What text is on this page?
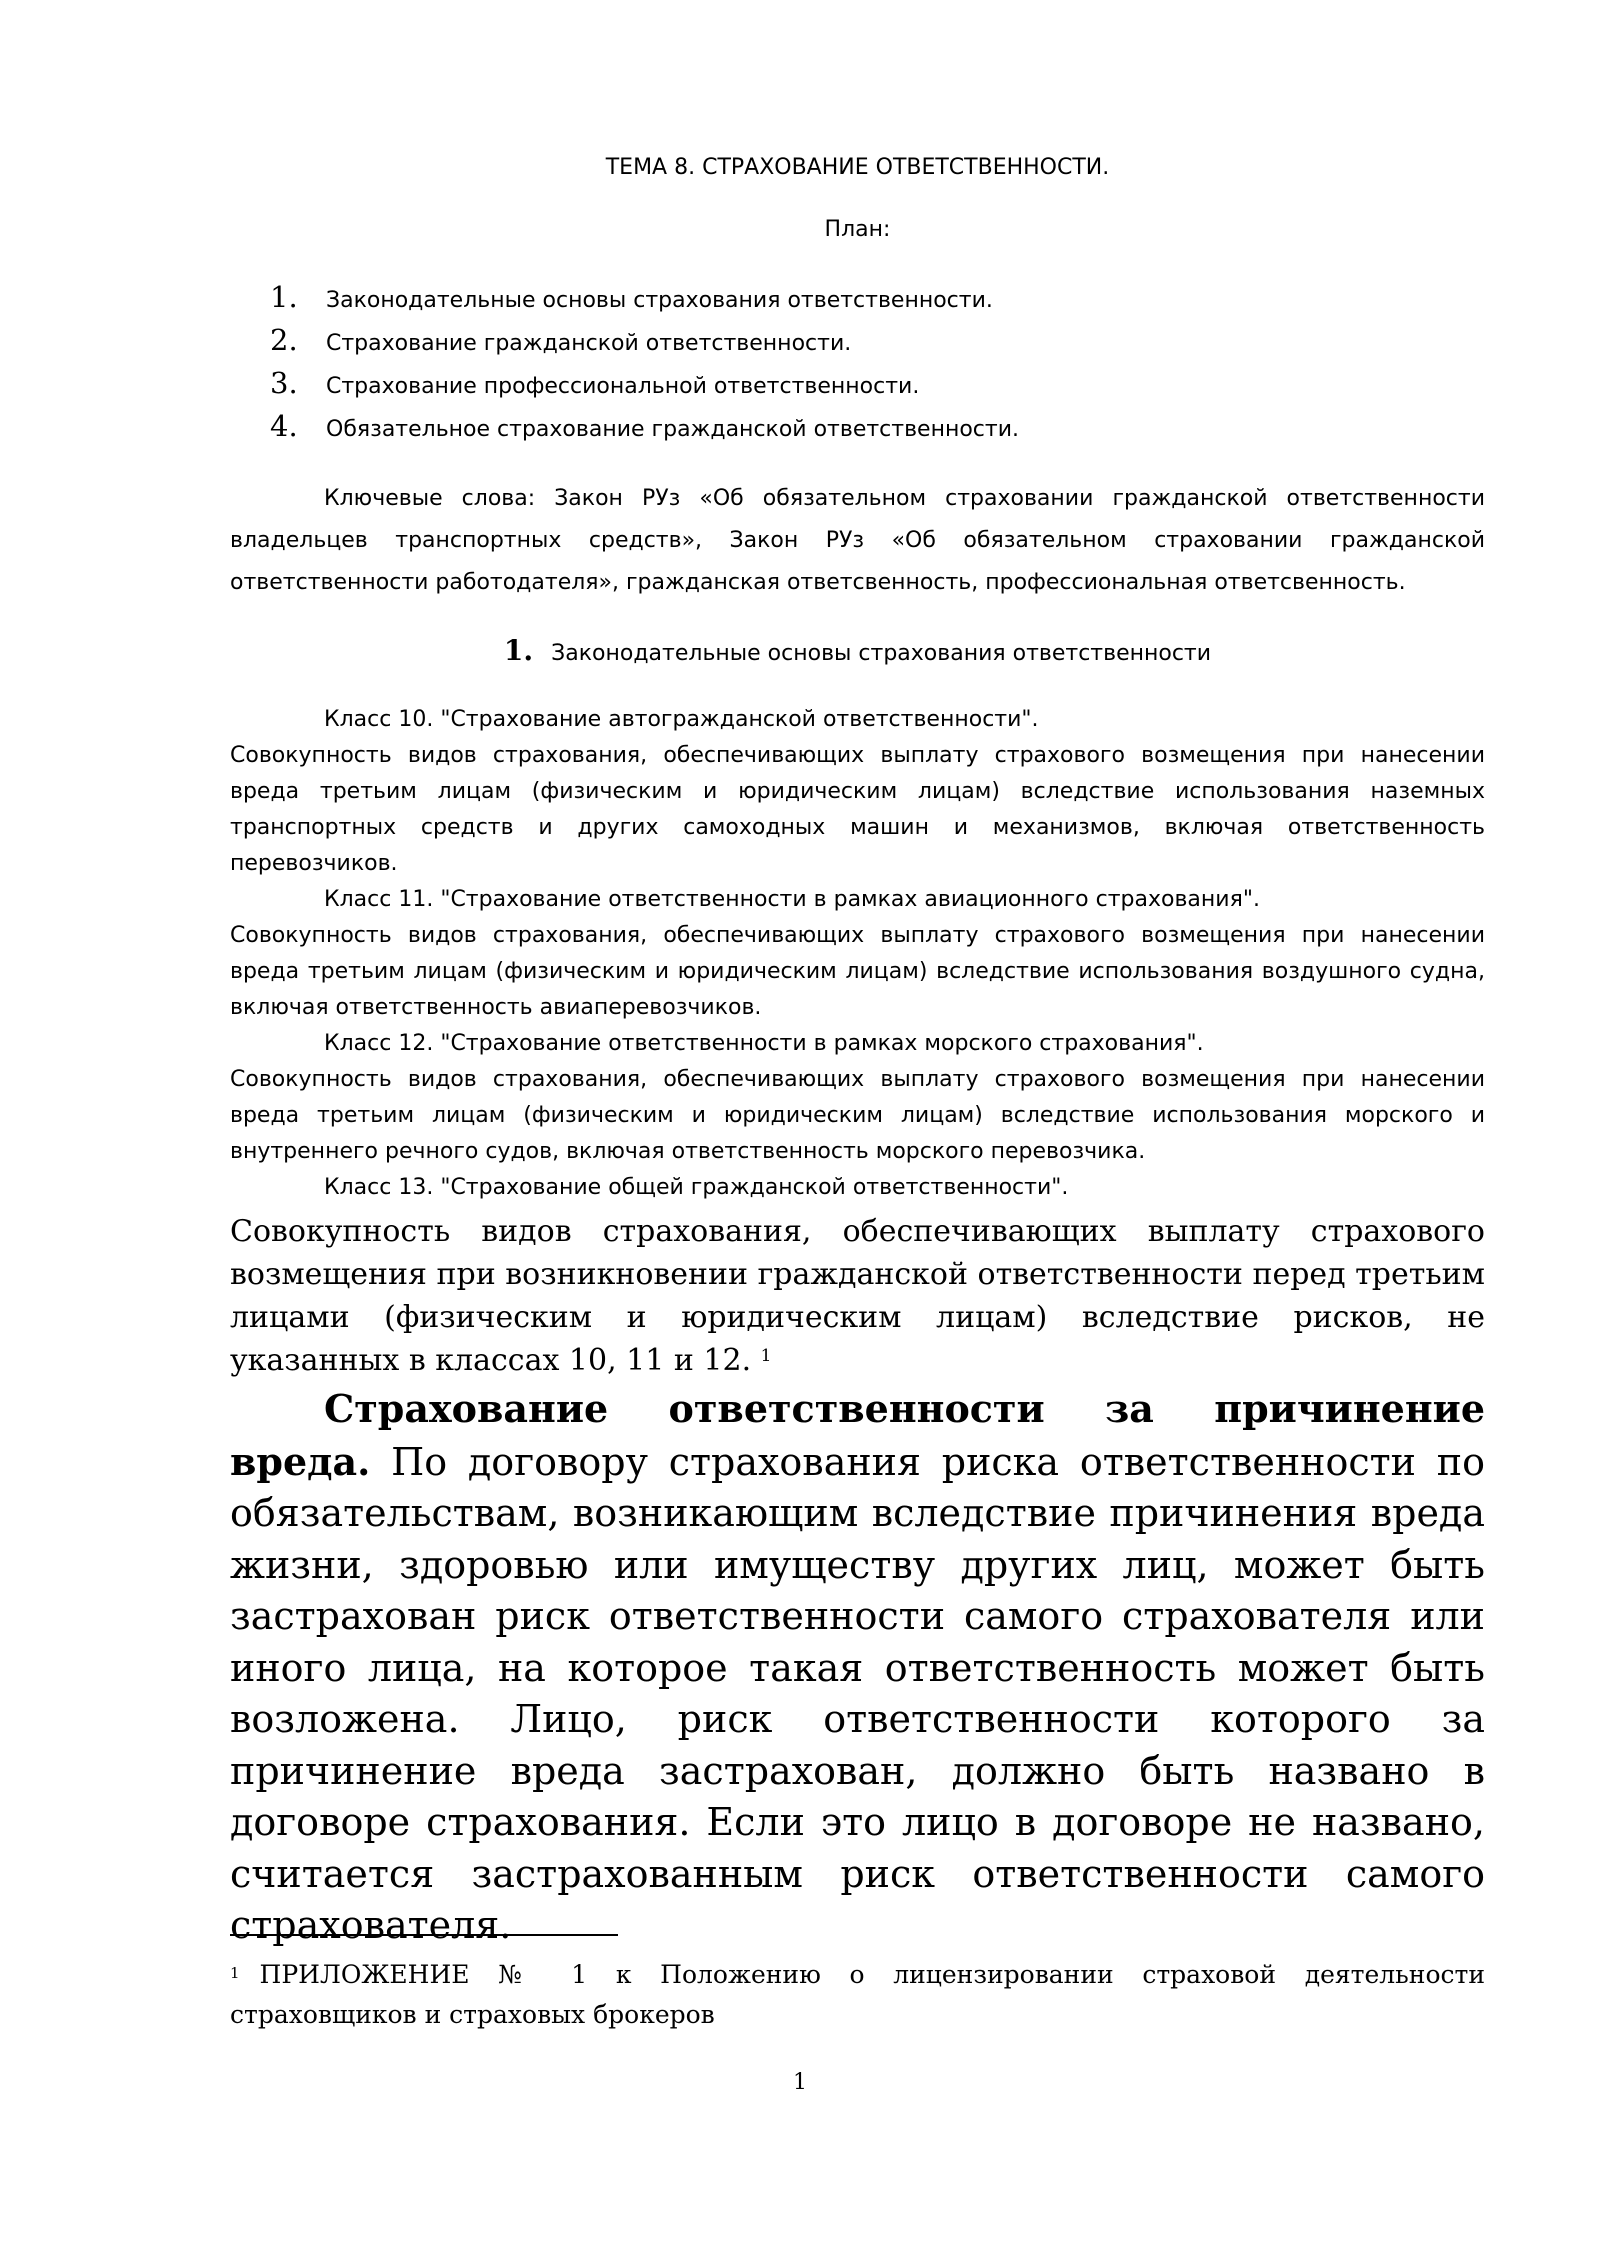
ТЕМА 8. СТРАХОВАНИЕ ОТВЕТСТВЕННОСТИ.
План:
1.	Законодательные основы страхования ответственности.
2.	Страхование гражданской ответственности.
3.	Страхование профессиональной ответственности.
4.	Обязательное страхование гражданской ответственности.

Ключевые слова: Закон РУз «Об обязательном страховании гражданской ответственности владельцев транспортных средств», Закон РУз «Об обязательном страховании гражданской ответственности работодателя», гражданская ответсвенность, профессиональная ответсвенность.

1. Законодательные основы страхования ответственности

Класс 10. "Страхование автогражданской ответственности".

Совокупность видов страхования, обеспечивающих выплату страхового возмещения при нанесении вреда третьим лицам (физическим и юридическим лицам) вследствие использования наземных транспортных средств и других самоходных машин и механизмов, включая ответственность перевозчиков.

Класс 11. "Страхование ответственности в рамках авиационного страхования".

Совокупность видов страхования, обеспечивающих выплату страхового возмещения при нанесении вреда третьим лицам (физическим и юридическим лицам) вследствие использования воздушного судна, включая ответственность авиаперевозчиков.

Класс 12. "Страхование ответственности в рамках морского страхования".

Совокупность видов страхования, обеспечивающих выплату страхового возмещения при нанесении вреда третьим лицам (физическим и юридическим лицам) вследствие использования морского и внутреннего речного судов, включая ответственность морского перевозчика.

Класс 13. "Страхование общей гражданской ответственности".

Совокупность видов страхования, обеспечивающих выплату страхового возмещения при возникновении гражданской ответственности перед третьим лицами (физическим и юридическим лицам) вследствие рисков, не указанных в классах 10, 11 и 12. $^1$

Страхование ответственности за причинение вреда. По договору страхования риска ответственности по обязательствам, возникающим вследствие причинения вреда жизни, здоровью или имуществу других лиц, может быть застрахован риск ответственности самого страхователя или иного лица, на которое такая ответственность может быть возложена. Лицо, риск ответственности которого за причинение вреда застрахован, должно быть названо в договоре страхования. Если это лицо в договоре не названо, считается застрахованным риск ответственности самого страхователя.

$^1$ ПРИЛОЖЕНИЕ № 1 к Положению о лицензировании страховой деятельности страховщиков и страховых брокеров

1
